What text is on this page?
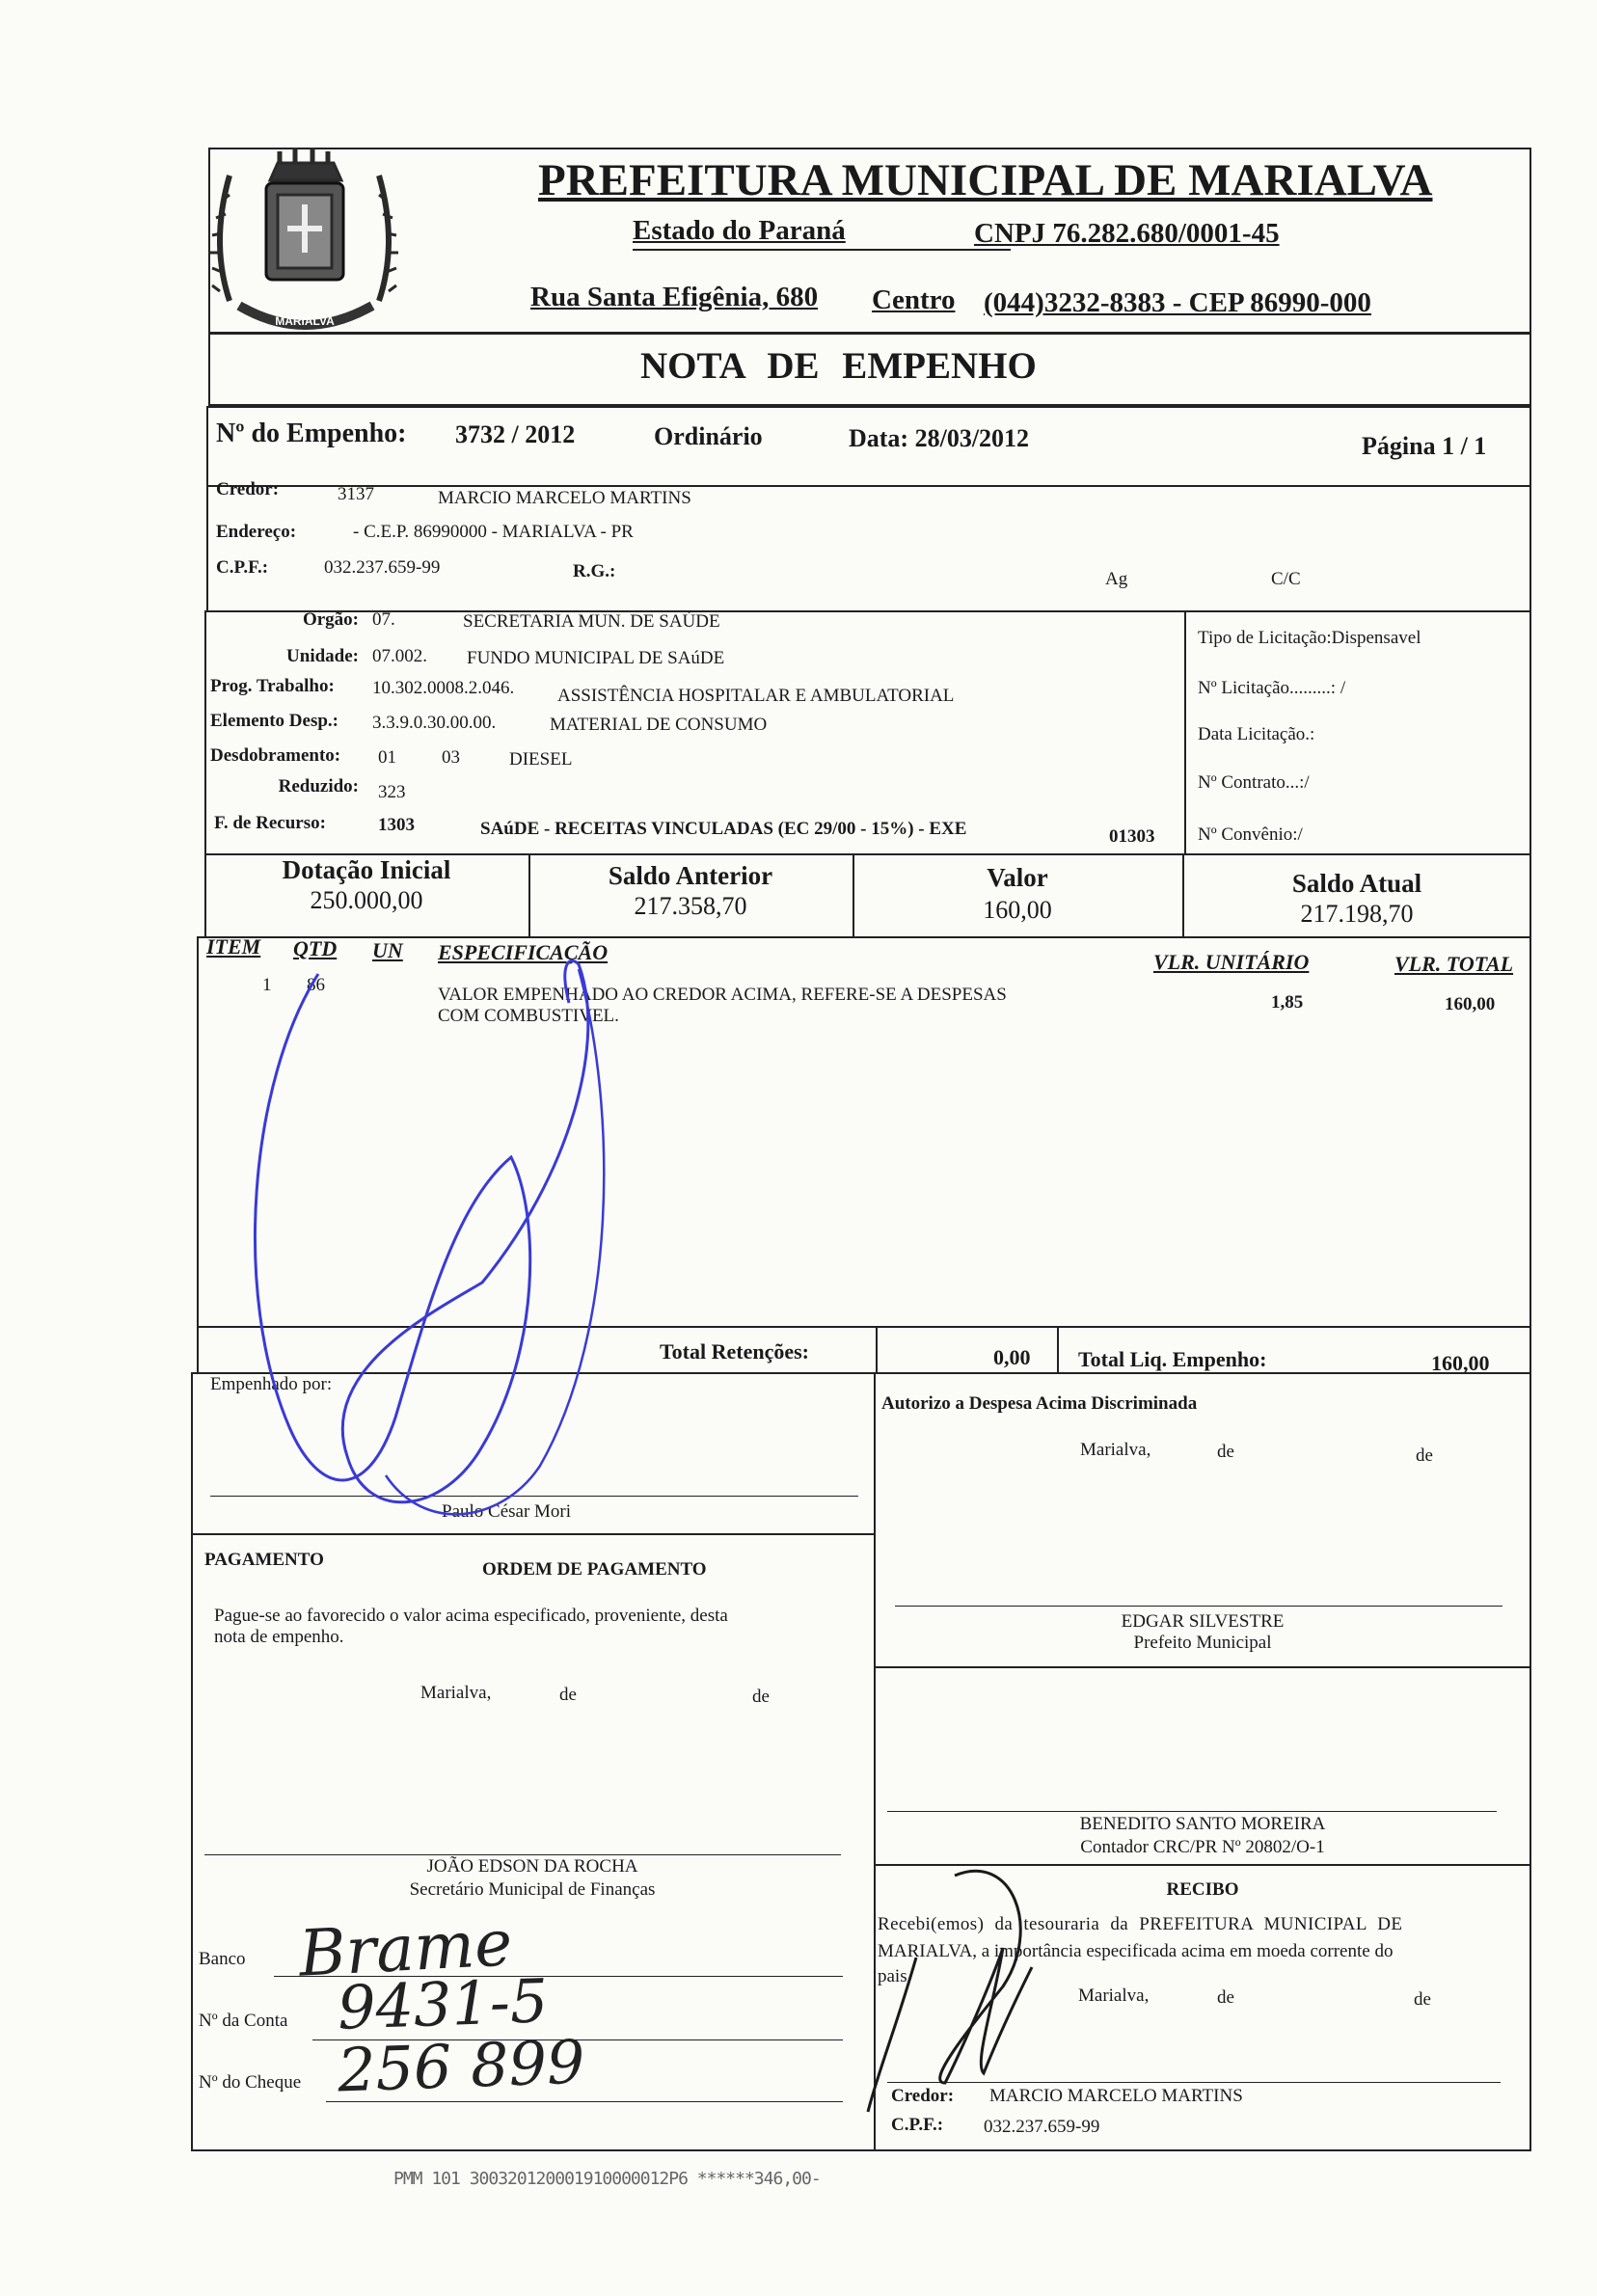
MARIALVA
PREFEITURA MUNICIPAL DE MARIALVA
Estado do Paraná	CNPJ 76.282.680/0001-45
Rua Santa Efigênia, 680 Centro (044)3232-8383 - CEP 86990-000
NOTA DE EMPENHO
Nº do Empenho: 3732 / 2012	Ordinário	Data: 28/03/2012	Página 1 / 1
Credor:	3137	MARCIO MARCELO MARTINS
Endereço:	- C.E.P. 86990000 - MARIALVA - PR
C.P.F.:	032.237.659-99	R.G.:	Ag	C/C
Orgão: 07.	SECRETARIA MUN. DE SAÚDE
Unidade: 07.002. FUNDO MUNICIPAL DE SAúDE
Prog. Trabalho: 10.302.0008.2.046. ASSISTÊNCIA HOSPITALAR E AMBULATORIAL
Elemento Desp.: 3.3.9.0.30.00.00.	MATERIAL DE CONSUMO
Desdobramento: 01 03	DIESEL
Reduzido: 323
F. de Recurso:	1303	SAúDE - RECEITAS VINCULADAS (EC 29/00 - 15%) - EXE	01303
Tipo de Licitação:Dispensavel
Nº Licitação.........: /
Data Licitação.:
Nº Contrato...:/
Nº Convênio:/
Dotação Inicial
250.000,00
Saldo Anterior
217.358,70
Valor
160,00
Saldo Atual
217.198,70
ITEM QTD UN ESPECIFICAÇÃO	VLR. UNITÁRIO	VLR. TOTAL
1 86	VALOR EMPENHADO AO CREDOR ACIMA, REFERE-SE A DESPESAS
COM COMBUSTIVEL.
1,85	160,00
Total Retenções:	0,00 Total Liq. Empenho:	160,00
Empenhado por:
Paulo César Mori
Autorizo a Despesa Acima Discriminada
Marialva,	de	de
EDGAR SILVESTRE
Prefeito Municipal
PAGAMENTO	ORDEM DE PAGAMENTO
Pague-se ao favorecido o valor acima especificado, proveniente, desta
nota de empenho.
Marialva,	de	de
BENEDITO SANTO MOREIRA
Contador CRC/PR Nº 20802/O-1
JOÃO EDSON DA ROCHA
Secretário Municipal de Finanças	RECIBO
Recebi(emos) da tesouraria da PREFEITURA MUNICIPAL DE
MARIALVA, a importância especificada acima em moeda corrente do
pais.
Marialva,	de	de
Credor: MARCIO MARCELO MARTINS
C.P.F.: 032.237.659-99
Banco Brame
Nº da Conta 9431-5
Nº do Cheque 256 899
PMM 101 300320120001910000012P6 ******346,00-
